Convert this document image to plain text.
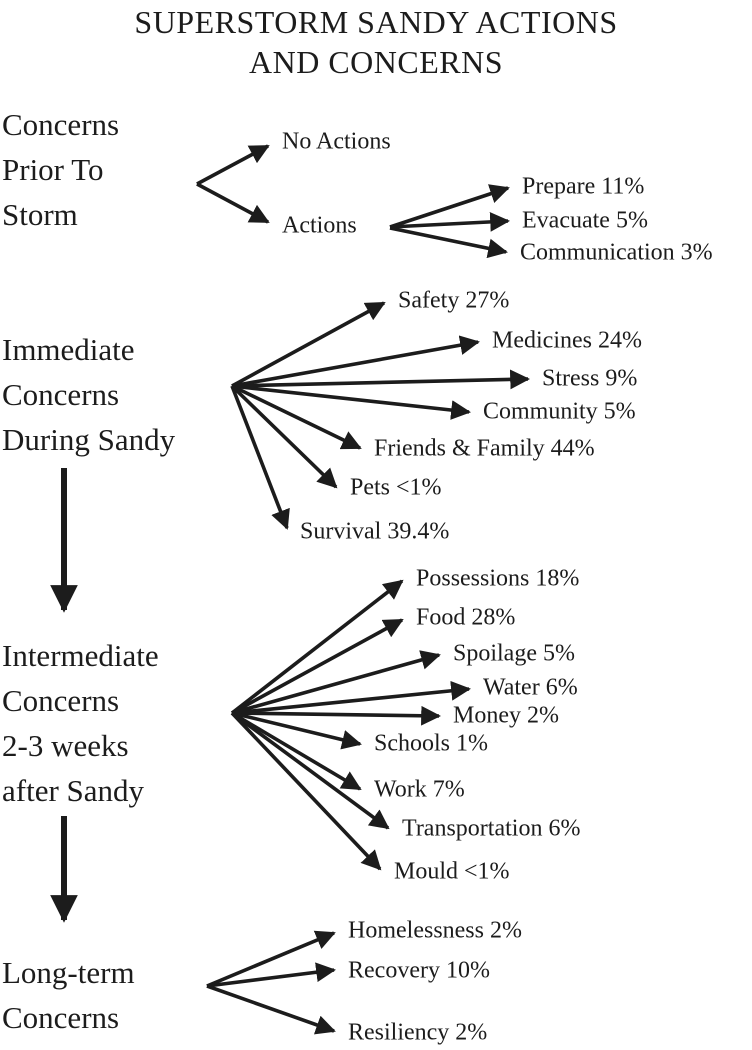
SUPERSTORM SANDY ACTIONS
AND CONCERNS
Concerns
Prior To
Storm
Immediate
Concerns
During Sandy
Intermediate
Concerns
2-3 weeks
after Sandy
Long-term
Concerns
No Actions
Actions
Prepare 11%
Evacuate 5%
Communication 3%
Safety 27%
Medicines 24%
Stress 9%
Community 5%
Friends & Family 44%
Pets <1%
Survival 39.4%
Possessions 18%
Food 28%
Spoilage 5%
Water 6%
Money 2%
Schools 1%
Work 7%
Transportation 6%
Mould <1%
Homelessness 2%
Recovery 10%
Resiliency 2%
